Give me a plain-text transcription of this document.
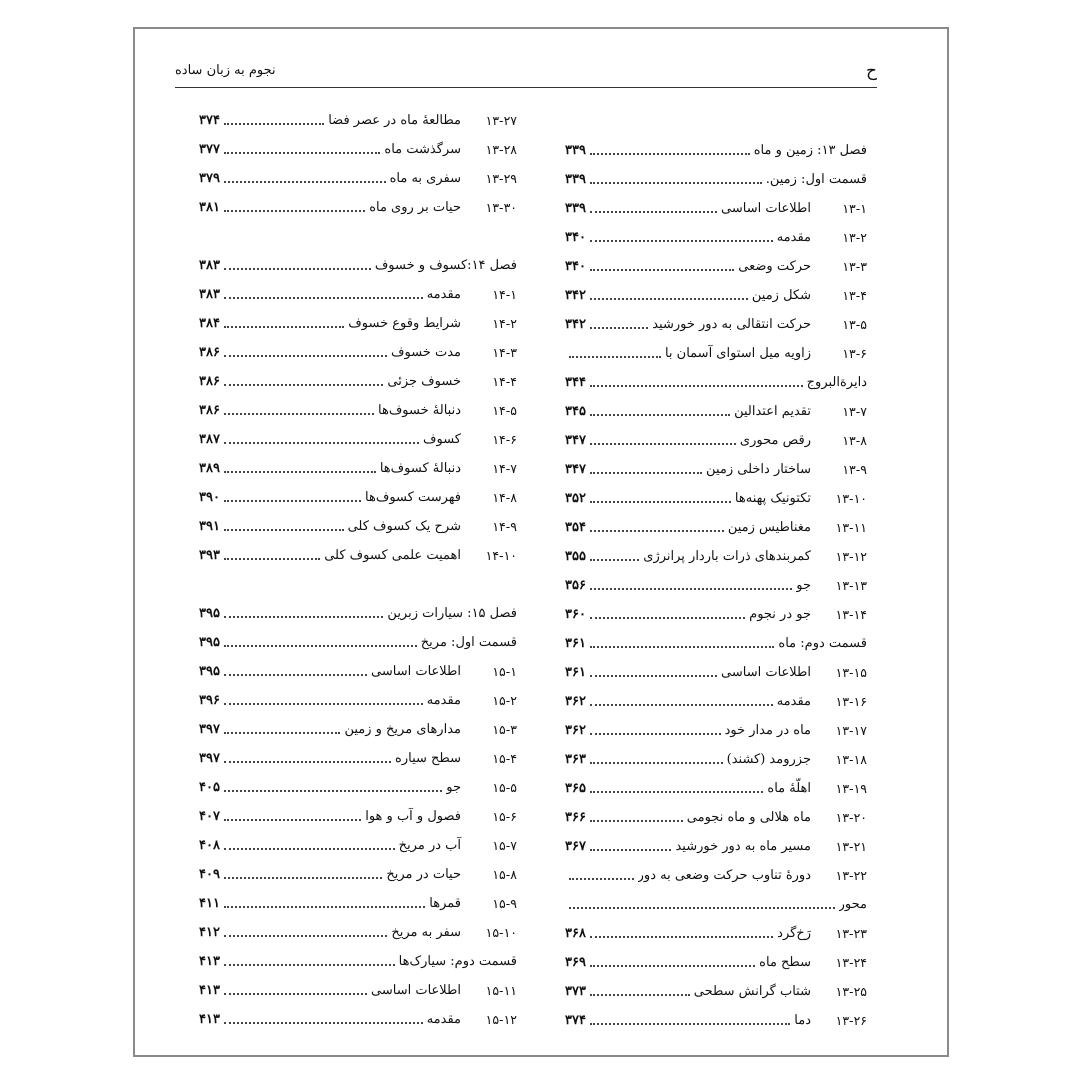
ح
نجوم به زبان ساده
فصل ۱۳: زمین و ماه
۳۳۹
قسمت اول: زمین.
۳۳۹
۱۳-۱
اطلاعات اساسی
۳۳۹
۱۳-۲
مقدمه
۳۴۰
۱۳-۳
حرکت وضعی
۳۴۰
۱۳-۴
شکل زمین
۳۴۲
۱۳-۵
حرکت انتقالی به دور خورشید
۳۴۲
۱۳-۶
زاویه میل استوای آسمان با
دایرةالبروج
۳۴۴
۱۳-۷
تقدیم اعتدالین
۳۴۵
۱۳-۸
رقص محوری
۳۴۷
۱۳-۹
ساختار داخلی زمین
۳۴۷
۱۳-۱۰
تکتونیک پهنه‌ها
۳۵۲
۱۳-۱۱
مغناطیس زمین
۳۵۴
۱۳-۱۲
کمربندهای ذرات باردار پرانرژی
۳۵۵
۱۳-۱۳
جو
۳۵۶
۱۳-۱۴
جو در نجوم
۳۶۰
قسمت دوم: ماه
۳۶۱
۱۳-۱۵
اطلاعات اساسی
۳۶۱
۱۳-۱۶
مقدمه
۳۶۲
۱۳-۱۷
ماه در مدار خود
۳۶۲
۱۳-۱۸
جزرومد (کشند)
۳۶۳
۱۳-۱۹
اهلّهٔ ماه
۳۶۵
۱۳-۲۰
ماه هلالی و ماه نجومی
۳۶۶
۱۳-۲۱
مسیر ماه به دور خورشید
۳۶۷
۱۳-۲۲
دورهٔ تناوب حرکت وضعی به دور
محور
۱۳-۲۳
رَخ‌گرد
۳۶۸
۱۳-۲۴
سطح ماه
۳۶۹
۱۳-۲۵
شتاب گرانش سطحی
۳۷۳
۱۳-۲۶
دما
۳۷۴
۱۳-۲۷
مطالعهٔ ماه در عصر فضا
۳۷۴
۱۳-۲۸
سرگذشت ماه
۳۷۷
۱۳-۲۹
سفری به ماه
۳۷۹
۱۳-۳۰
حیات بر روی ماه
۳۸۱
فصل ۱۴:کسوف و خسوف
۳۸۳
۱۴-۱
مقدمه
۳۸۳
۱۴-۲
شرایط وقوع خسوف
۳۸۴
۱۴-۳
مدت خسوف
۳۸۶
۱۴-۴
خسوف جزئی
۳۸۶
۱۴-۵
دنبالهٔ خسوف‌ها
۳۸۶
۱۴-۶
کسوف
۳۸۷
۱۴-۷
دنبالهٔ کسوف‌ها
۳۸۹
۱۴-۸
فهرست کسوف‌ها
۳۹۰
۱۴-۹
شرح یک کسوف کلی
۳۹۱
۱۴-۱۰
اهمیت علمی کسوف کلی
۳۹۳
فصل ۱۵: سیارات زبرین
۳۹۵
قسمت اول: مریخ
۳۹۵
۱۵-۱
اطلاعات اساسی
۳۹۵
۱۵-۲
مقدمه
۳۹۶
۱۵-۳
مدارهای مریخ و زمین
۳۹۷
۱۵-۴
سطح سیاره
۳۹۷
۱۵-۵
جو
۴۰۵
۱۵-۶
فصول و آب و هوا
۴۰۷
۱۵-۷
آب در مریخ
۴۰۸
۱۵-۸
حیات در مریخ
۴۰۹
۱۵-۹
قمرها
۴۱۱
۱۵-۱۰
سفر به مریخ
۴۱۲
قسمت دوم: سیارک‌ها
۴۱۳
۱۵-۱۱
اطلاعات اساسی
۴۱۳
۱۵-۱۲
مقدمه
۴۱۳
